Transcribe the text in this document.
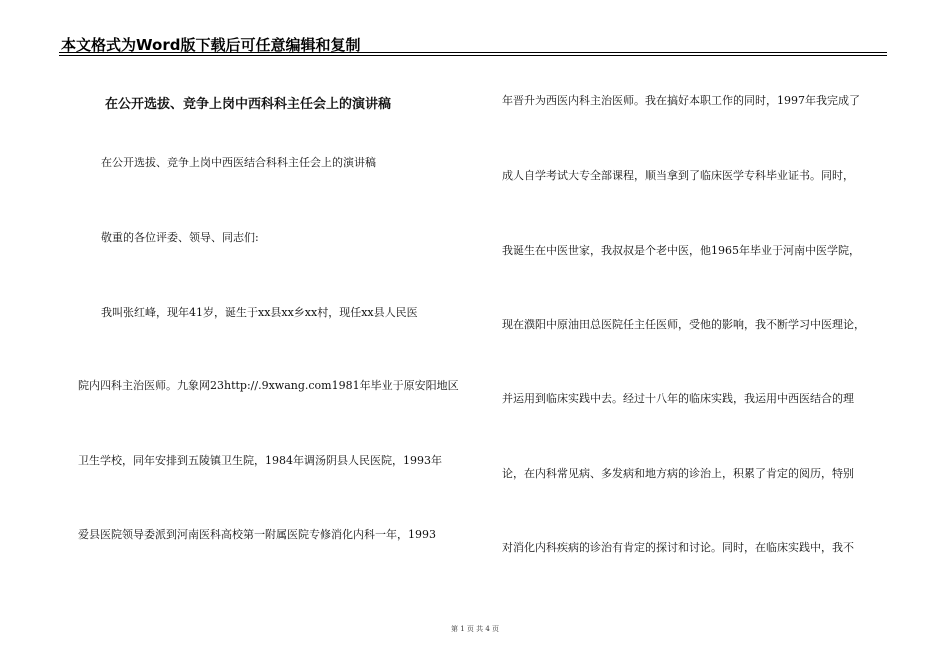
本文格式为Word版下载后可任意编辑和复制
在公开选拔、竞争上岗中西科科主任会上的演讲稿
在公开选拔、竞争上岗中西医结合科科主任会上的演讲稿
敬重的各位评委、领导、同志们:
我叫张红峰，现年41岁，诞生于xx县xx乡xx村，现任xx县人民医
院内四科主治医师。九象网23http://.9xwang.com1981年毕业于原安阳地区
卫生学校，同年安排到五陵镇卫生院，1984年调汤阴县人民医院，1993年
爱县医院领导委派到河南医科高校第一附属医院专修消化内科一年，1993
年晋升为西医内科主治医师。我在搞好本职工作的同时，1997年我完成了
成人自学考试大专全部课程，顺当拿到了临床医学专科毕业证书。同时，
我诞生在中医世家，我叔叔是个老中医，他1965年毕业于河南中医学院，
现在濮阳中原油田总医院任主任医师，受他的影响，我不断学习中医理论，
并运用到临床实践中去。经过十八年的临床实践，我运用中西医结合的理
论，在内科常见病、多发病和地方病的诊治上，积累了肯定的阅历，特别
对消化内科疾病的诊治有肯定的探讨和讨论。同时，在临床实践中，我不
第 1 页 共 4 页
